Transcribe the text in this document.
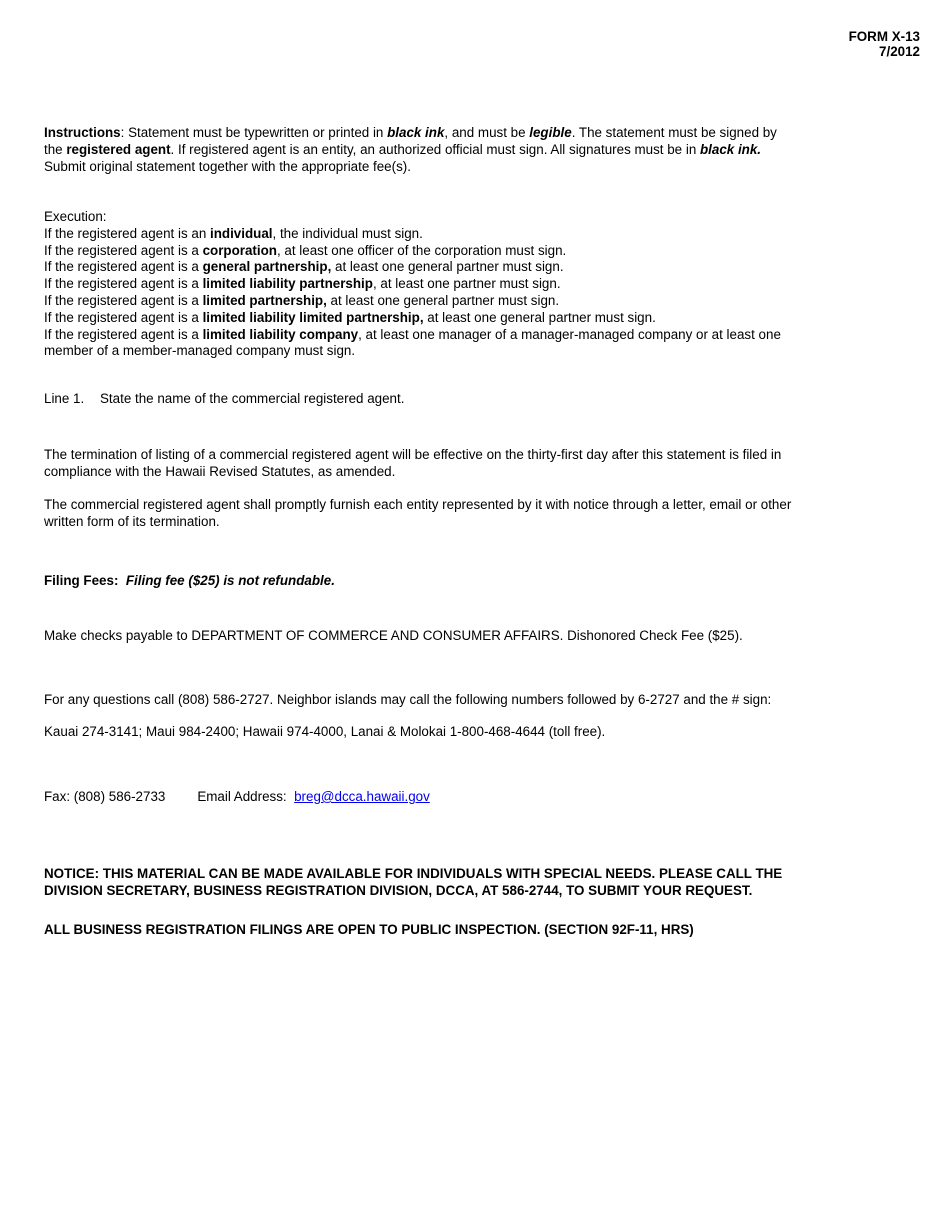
FORM X-13
7/2012
Instructions: Statement must be typewritten or printed in black ink, and must be legible. The statement must be signed by
the registered agent. If registered agent is an entity, an authorized official must sign. All signatures must be in black ink.
Submit original statement together with the appropriate fee(s).
Execution:
If the registered agent is an individual, the individual must sign.
If the registered agent is a corporation, at least one officer of the corporation must sign.
If the registered agent is a general partnership, at least one general partner must sign.
If the registered agent is a limited liability partnership, at least one partner must sign.
If the registered agent is a limited partnership, at least one general partner must sign.
If the registered agent is a limited liability limited partnership, at least one general partner must sign.
If the registered agent is a limited liability company, at least one manager of a manager-managed company or at least one
member of a member-managed company must sign.
Line 1. State the name of the commercial registered agent.
The termination of listing of a commercial registered agent will be effective on the thirty-first day after this statement is filed in
compliance with the Hawaii Revised Statutes, as amended.
The commercial registered agent shall promptly furnish each entity represented by it with notice through a letter, email or other
written form of its termination.
Filing Fees: Filing fee ($25) is not refundable.
Make checks payable to DEPARTMENT OF COMMERCE AND CONSUMER AFFAIRS. Dishonored Check Fee ($25).
For any questions call (808) 586-2727. Neighbor islands may call the following numbers followed by 6-2727 and the # sign:
Kauai 274-3141; Maui 984-2400; Hawaii 974-4000, Lanai & Molokai 1-800-468-4644 (toll free).
Fax: (808) 586-2733 Email Address: breg@dcca.hawaii.gov
NOTICE: THIS MATERIAL CAN BE MADE AVAILABLE FOR INDIVIDUALS WITH SPECIAL NEEDS. PLEASE CALL THE
DIVISION SECRETARY, BUSINESS REGISTRATION DIVISION, DCCA, AT 586-2744, TO SUBMIT YOUR REQUEST.
ALL BUSINESS REGISTRATION FILINGS ARE OPEN TO PUBLIC INSPECTION. (SECTION 92F-11, HRS)
